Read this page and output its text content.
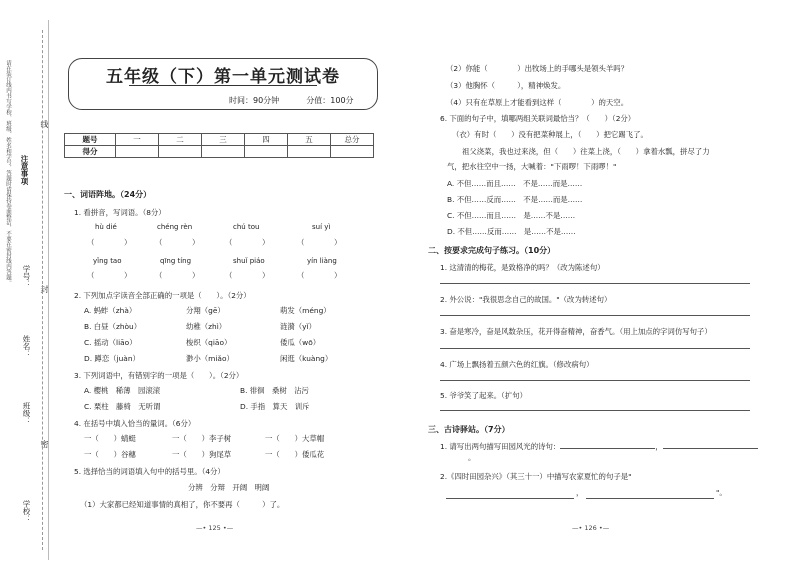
请在装订线内书写学校、班级、姓名和学号，答题时请保持卷面整洁，不要在密封线内答题。 注意事项
学号：
姓名：
班级：
学校：
线
封
密
五年级（下）第一单元测试卷
时间：90分钟	分值：100分
题号	一	二	三	四	五	总分
得分						
一、词语阵地。（24分）
1. 看拼音，写词语。（8分）
hù dié	chéng rèn	chú tou	suí yì
（　　　　）	（　　　　）	（　　　　）	（　　　　）
yǐng tao	qīng tíng	shuǐ piáo	yín liàng
（　　　　）	（　　　　）	（　　　　）	（　　　　）
2. 下列加点字读音全部正确的一项是（　　）。（2分）
A. 蚂蚱（zhà）	分翔（gē）	萌发（méng）
B. 白昼（zhòu）	幼稚（zhì）	涟漪（yǐ）
C. 摇动（liāo）	梭织（qiāo）	倭瓜（wō）
D. 蹲恋（juàn）	渺小（miǎo）	闲逛（kuàng）
3. 下列词语中，有错别字的一项是（　　）。（2分）
A. 樱桃　稀薄　园滚滚	B. 徘徊　桑树　沾污
C. 栗柱　藤椅　无听谓	D. 手指　算天　训斥
4. 在括号中填入恰当的量词。（6分）
一（　　）蜻蜓	一（　　）李子树	一（　　）大草帽
一（　　）谷穗	一（　　）狗尾草	一（　　）倭瓜花
5. 选择恰当的词语填入句中的括号里。（4分）
分辨　分辩　开阔　明阔
（1）大家都已经知道事情的真相了，你不要再（　　　）了。
—• 125 •—
（2）你能（　　　　）出牧场上的手哪头是领头羊吗？
（3）他胸怀（　　　），精神焕发。
（4）只有在草原上才能看到这样（　　　　）的天空。
6. 下面的句子中，填哪两组关联词最恰当？（　　）（2分）
（衣）有时（　　）没有把菜种展上，（　　）把它踢飞了。
祖父浇菜，我也过来浇，但（　　）往菜上浇，（　　）拿着水瓢，拼尽了力
气，把水往空中一扬，大喊着："下雨啰！下雨啰！"
A. 不但……而且……　不是……而是……
B. 不但……反而……　不是……而是……
C. 不但……而且……　是……不是……
D. 不但……反而……　是……不是……
二、按要求完成句子练习。（10分）
1. 这清清的梅花，是致格净的吗？（改为陈述句）
2. 外公说："我很思念自己的故国。"（改为转述句）
3. 奋是寒冷，奋是风数杂压，花开得奋精神，奋香气。（用上加点的字词仿写句子）
4. 广场上飘扬着五颜六色的红旗。（修改病句）
5. 爷爷笑了起来。（扩句）
三、古诗驿站。（7分）
1. 请写出两句描写田园风光的诗句：	，
。
2.《四时田园杂兴》（其三十一）中描写农家夏忙的句子是"
，	"。
—• 126 •—
